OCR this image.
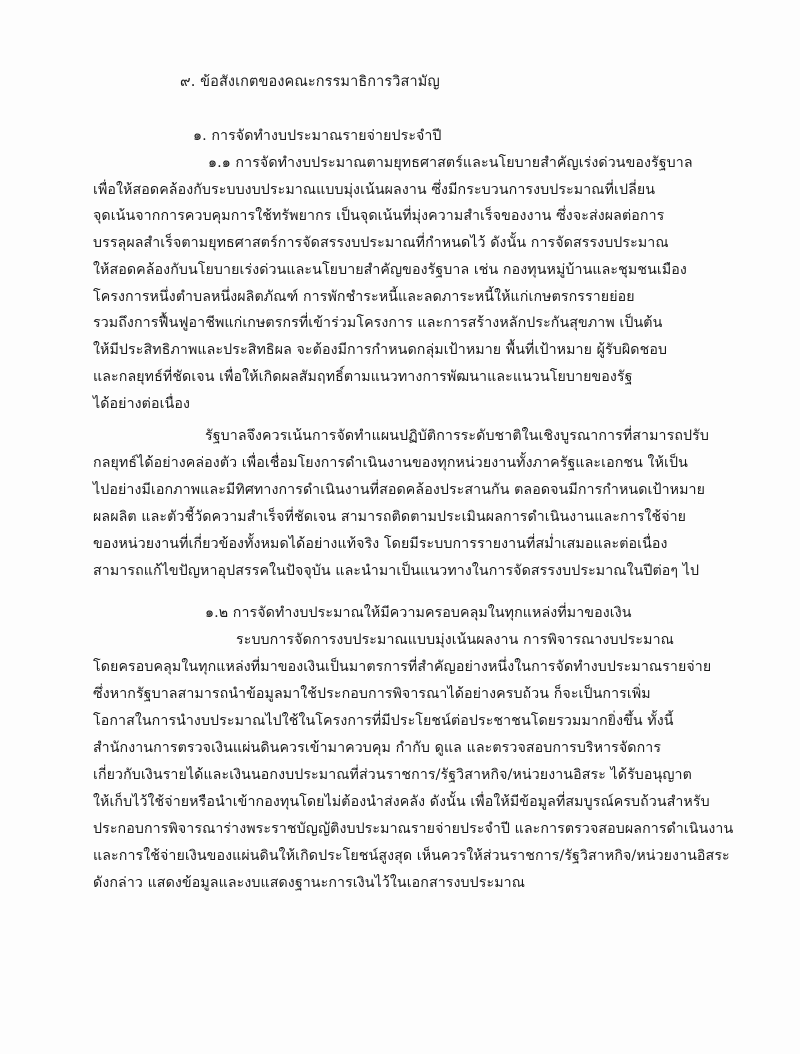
๙. ข้อสังเกตของคณะกรรมาธิการวิสามัญ
๑. การจัดทำงบประมาณรายจ่ายประจำปี
๑.๑ การจัดทำงบประมาณตามยุทธศาสตร์และนโยบายสำคัญเร่งด่วนของรัฐบาล
เพื่อให้สอดคล้องกับระบบงบประมาณแบบมุ่งเน้นผลงาน ซึ่งมีกระบวนการงบประมาณที่เปลี่ยน
จุดเน้นจากการควบคุมการใช้ทรัพยากร เป็นจุดเน้นที่มุ่งความสำเร็จของงาน ซึ่งจะส่งผลต่อการ
บรรลุผลสำเร็จตามยุทธศาสตร์การจัดสรรงบประมาณที่กำหนดไว้ ดังนั้น การจัดสรรงบประมาณ
ให้สอดคล้องกับนโยบายเร่งด่วนและนโยบายสำคัญของรัฐบาล เช่น กองทุนหมู่บ้านและชุมชนเมือง
โครงการหนึ่งตำบลหนึ่งผลิตภัณฑ์ การพักชำระหนี้และลดภาระหนี้ให้แก่เกษตรกรรายย่อย
รวมถึงการฟื้นฟูอาชีพแก่เกษตรกรที่เข้าร่วมโครงการ และการสร้างหลักประกันสุขภาพ เป็นต้น
ให้มีประสิทธิภาพและประสิทธิผล จะต้องมีการกำหนดกลุ่มเป้าหมาย พื้นที่เป้าหมาย ผู้รับผิดชอบ
และกลยุทธ์ที่ชัดเจน เพื่อให้เกิดผลสัมฤทธิ์ตามแนวทางการพัฒนาและแนวนโยบายของรัฐ
ได้อย่างต่อเนื่อง
รัฐบาลจึงควรเน้นการจัดทำแผนปฏิบัติการระดับชาติในเชิงบูรณาการที่สามารถปรับ
กลยุทธ์ได้อย่างคล่องตัว เพื่อเชื่อมโยงการดำเนินงานของทุกหน่วยงานทั้งภาครัฐและเอกชน ให้เป็น
ไปอย่างมีเอกภาพและมีทิศทางการดำเนินงานที่สอดคล้องประสานกัน ตลอดจนมีการกำหนดเป้าหมาย
ผลผลิต และตัวชี้วัดความสำเร็จที่ชัดเจน สามารถติดตามประเมินผลการดำเนินงานและการใช้จ่าย
ของหน่วยงานที่เกี่ยวข้องทั้งหมดได้อย่างแท้จริง โดยมีระบบการรายงานที่สม่ำเสมอและต่อเนื่อง
สามารถแก้ไขปัญหาอุปสรรคในปัจจุบัน และนำมาเป็นแนวทางในการจัดสรรงบประมาณในปีต่อๆ ไป
๑.๒ การจัดทำงบประมาณให้มีความครอบคลุมในทุกแหล่งที่มาของเงิน
ระบบการจัดการงบประมาณแบบมุ่งเน้นผลงาน การพิจารณางบประมาณ
โดยครอบคลุมในทุกแหล่งที่มาของเงินเป็นมาตรการที่สำคัญอย่างหนึ่งในการจัดทำงบประมาณรายจ่าย
ซึ่งหากรัฐบาลสามารถนำข้อมูลมาใช้ประกอบการพิจารณาได้อย่างครบถ้วน ก็จะเป็นการเพิ่ม
โอกาสในการนำงบประมาณไปใช้ในโครงการที่มีประโยชน์ต่อประชาชนโดยรวมมากยิ่งขึ้น ทั้งนี้
สำนักงานการตรวจเงินแผ่นดินควรเข้ามาควบคุม กำกับ ดูแล และตรวจสอบการบริหารจัดการ
เกี่ยวกับเงินรายได้และเงินนอกงบประมาณที่ส่วนราชการ/รัฐวิสาหกิจ/หน่วยงานอิสระ ได้รับอนุญาต
ให้เก็บไว้ใช้จ่ายหรือนำเข้ากองทุนโดยไม่ต้องนำส่งคลัง ดังนั้น เพื่อให้มีข้อมูลที่สมบูรณ์ครบถ้วนสำหรับ
ประกอบการพิจารณาร่างพระราชบัญญัติงบประมาณรายจ่ายประจำปี และการตรวจสอบผลการดำเนินงาน
และการใช้จ่ายเงินของแผ่นดินให้เกิดประโยชน์สูงสุด เห็นควรให้ส่วนราชการ/รัฐวิสาหกิจ/หน่วยงานอิสระ
ดังกล่าว แสดงข้อมูลและงบแสดงฐานะการเงินไว้ในเอกสารงบประมาณ
